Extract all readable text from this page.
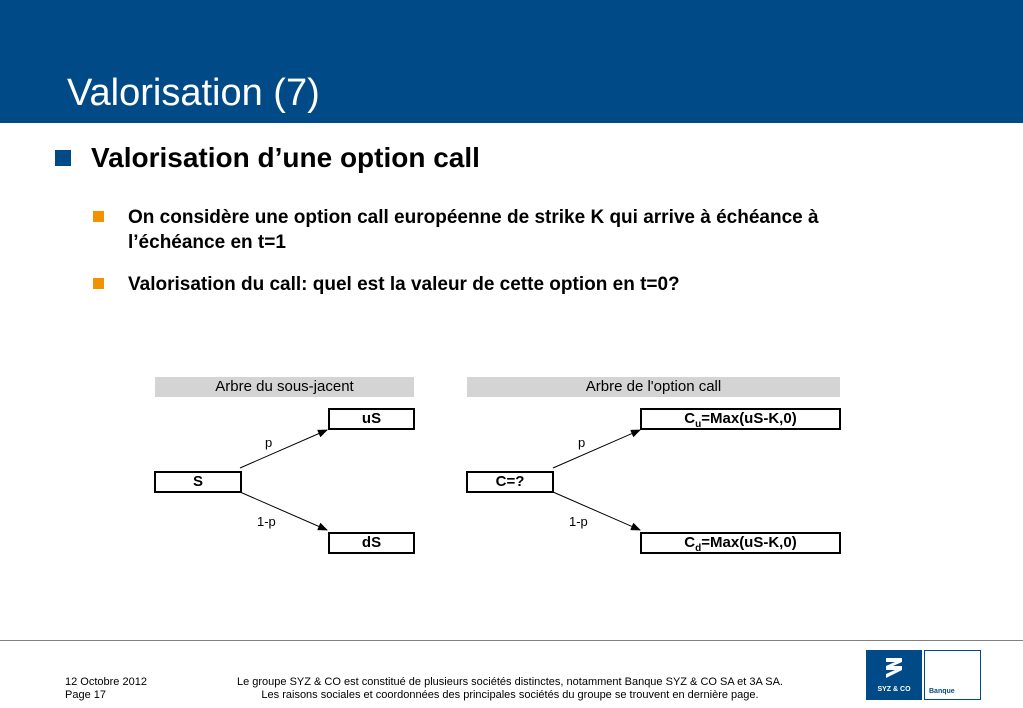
Valorisation (7)
Valorisation d’une option call
On considère une option call européenne de strike K qui arrive à échéance à l’échéance en t=1
Valorisation du call: quel est la valeur de cette option en t=0?
Arbre du sous-jacent
uS
S
dS
p
1-p
Arbre de l'option call
$C_u=Max(uS-K,0)$
C=?
$C_d=Max(uS-K,0)$
p
1-p
12 Octobre 2012
Page 17
Le groupe SYZ & CO est constitué de plusieurs sociétés distinctes, notamment Banque SYZ & CO SA et 3A SA.
Les raisons sociales et coordonnées des principales sociétés du groupe se trouvent en dernière page.	SYZ & CO	Banque
